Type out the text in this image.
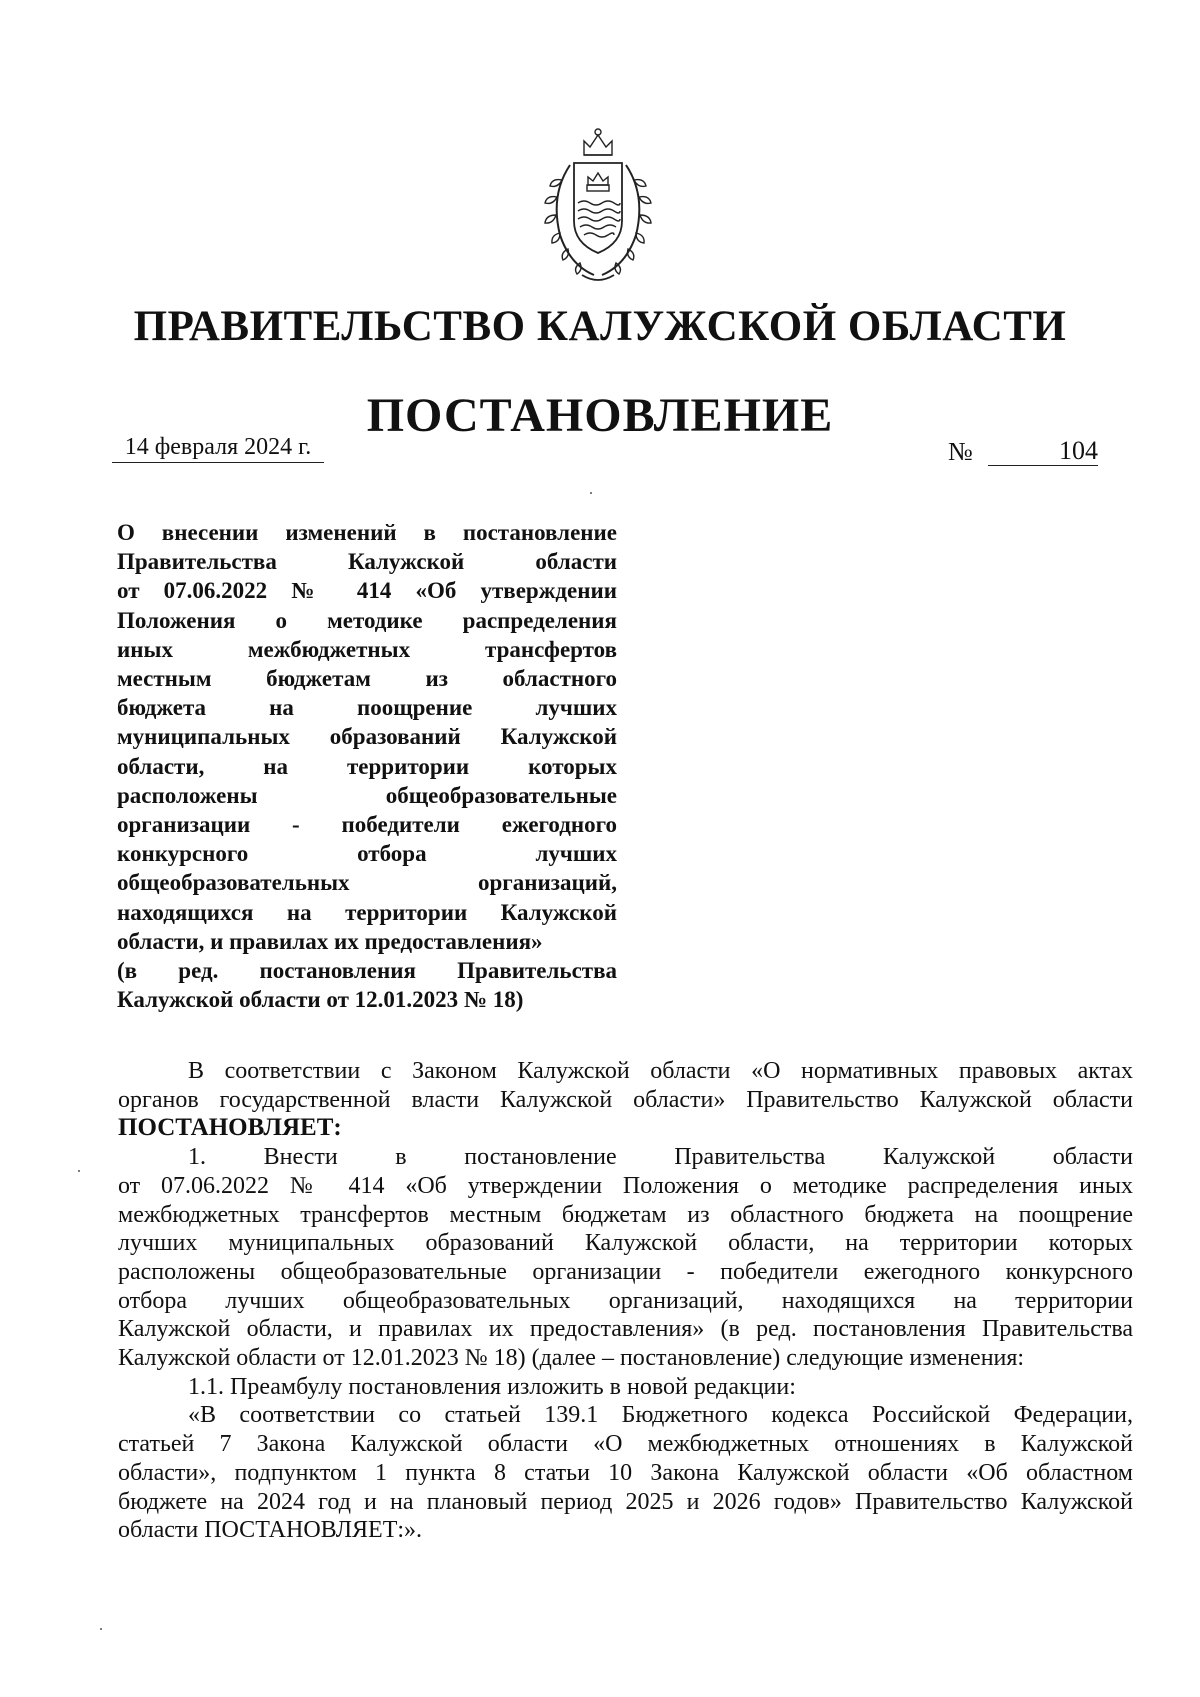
ПРАВИТЕЛЬСТВО КАЛУЖСКОЙ ОБЛАСТИ
ПОСТАНОВЛЕНИЕ
14 февраля 2024 г.	№	104
О внесении изменений в постановление
Правительства Калужской области
от 07.06.2022 № 414 «Об утверждении
Положения о методике распределения
иных межбюджетных трансфертов
местным бюджетам из областного
бюджета на поощрение лучших
муниципальных образований Калужской
области, на территории которых
расположены общеобразовательные
организации - победители ежегодного
конкурсного отбора лучших
общеобразовательных организаций,
находящихся на территории Калужской
области, и правилах их предоставления»
(в ред. постановления Правительства
Калужской области от 12.01.2023 № 18)
В соответствии с Законом Калужской области «О нормативных правовых актах
органов государственной власти Калужской области» Правительство Калужской области
ПОСТАНОВЛЯЕТ:
1. Внести в постановление Правительства Калужской области
от 07.06.2022 № 414 «Об утверждении Положения о методике распределения иных
межбюджетных трансфертов местным бюджетам из областного бюджета на поощрение
лучших муниципальных образований Калужской области, на территории которых
расположены общеобразовательные организации - победители ежегодного конкурсного
отбора лучших общеобразовательных организаций, находящихся на территории
Калужской области, и правилах их предоставления» (в ред. постановления Правительства
Калужской области от 12.01.2023 № 18) (далее – постановление) следующие изменения:
1.1. Преамбулу постановления изложить в новой редакции:
«В соответствии со статьей 139.1 Бюджетного кодекса Российской Федерации,
статьей 7 Закона Калужской области «О межбюджетных отношениях в Калужской
области», подпунктом 1 пункта 8 статьи 10 Закона Калужской области «Об областном
бюджете на 2024 год и на плановый период 2025 и 2026 годов» Правительство Калужской
области ПОСТАНОВЛЯЕТ:».
